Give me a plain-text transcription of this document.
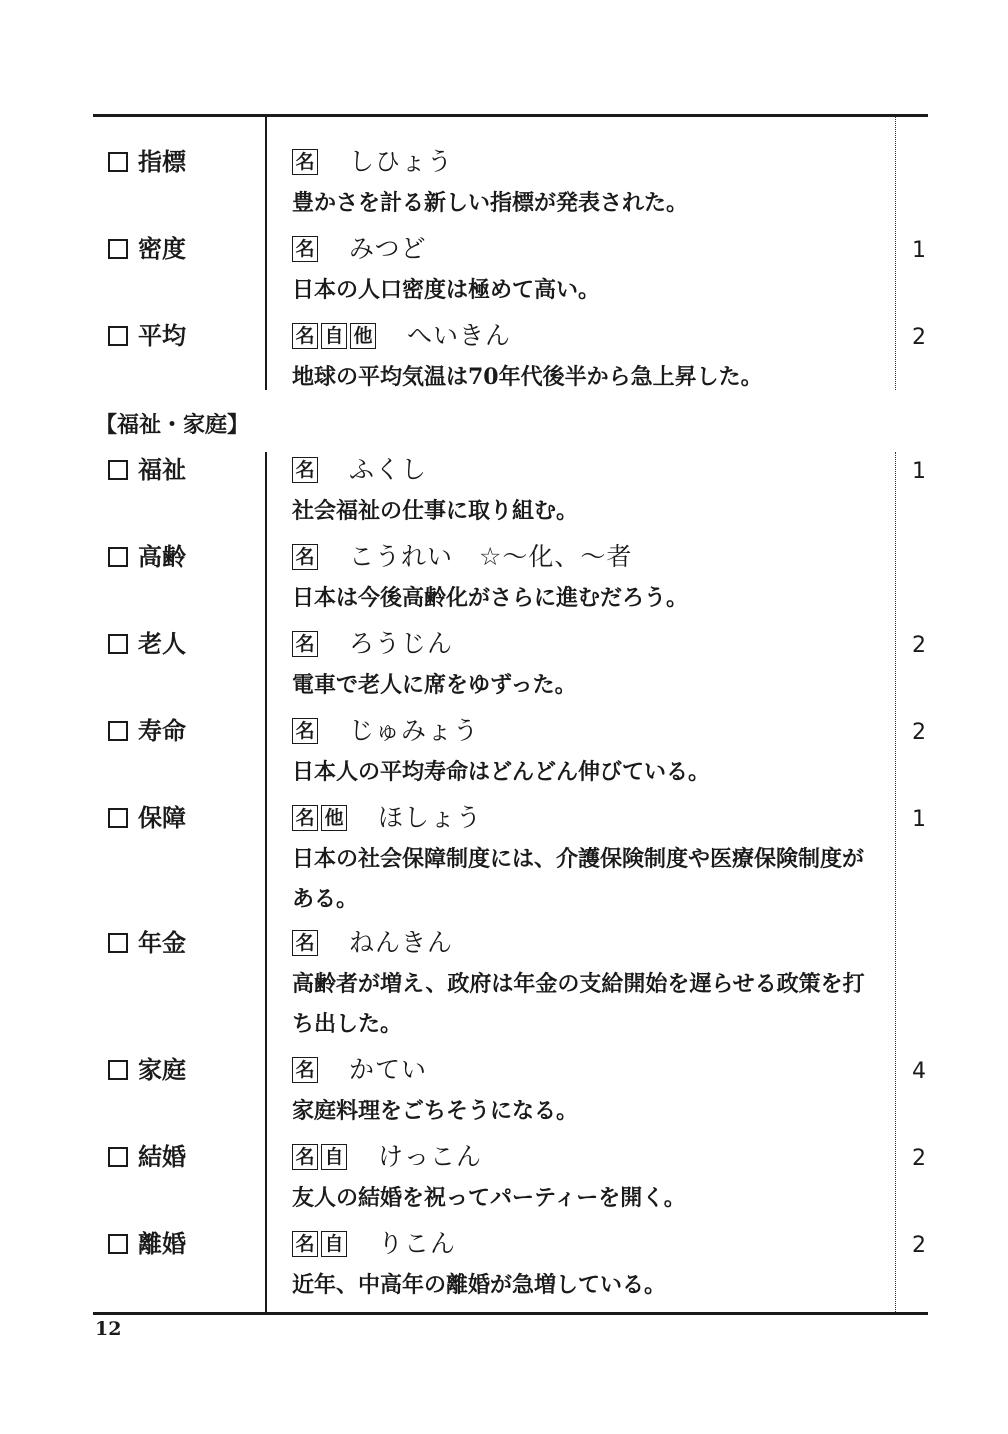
【福祉・家庭】
指標	名 しひょう
豊かさを計る新しい指標が発表された。
密度	名 みつど
日本の人口密度は極めて高い。
1
平均	名 自 他 へいきん
地球の平均気温は70年代後半から急上昇した。
2
福祉	名 ふくし
社会福祉の仕事に取り組む。
1
高齢	名 こうれい　☆～化、～者
日本は今後高齢化がさらに進むだろう。
老人	名 ろうじん
電車で老人に席をゆずった。
2
寿命	名 じゅみょう
日本人の平均寿命はどんどん伸びている。
2
保障	名 他 ほしょう
日本の社会保障制度には、介護保険制度や医療保険制度がある。
1
年金	名 ねんきん
高齢者が増え、政府は年金の支給開始を遅らせる政策を打ち出した。
家庭	名 かてい
家庭料理をごちそうになる。
4
結婚	名 自 けっこん
友人の結婚を祝ってパーティーを開く。
2
離婚	名 自 りこん
近年、中高年の離婚が急増している。
2
12
